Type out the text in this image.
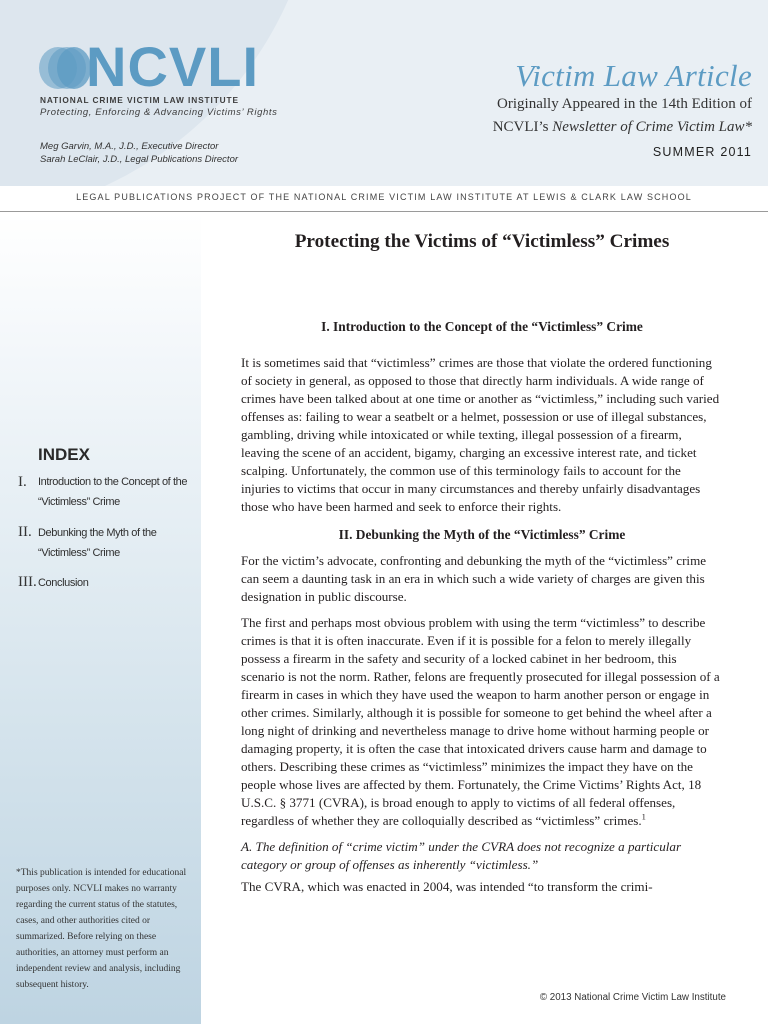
NCVLI
NATIONAL CRIME VICTIM LAW INSTITUTE
Protecting, Enforcing & Advancing Victims’ Rights
Meg Garvin, M.A., J.D., Executive Director
Sarah LeClair, J.D., Legal Publications Director
Victim Law Article
Originally Appeared in the 14th Edition of
NCVLI’s Newsletter of Crime Victim Law*
SUMMER 2011
LEGAL PUBLICATIONS PROJECT OF THE NATIONAL CRIME VICTIM LAW INSTITUTE AT LEWIS & CLARK LAW SCHOOL
INDEX
I. Introduction to the Concept of the “Victimless” Crime
II. Debunking the Myth of the “Victimless” Crime
III. Conclusion
*This publication is intended for educational purposes only. NCVLI makes no warranty regarding the current status of the statutes, cases, and other authorities cited or summarized. Before relying on these authorities, an attorney must perform an independent review and analysis, including subsequent history.
Protecting the Victims of “Victimless” Crimes
I. Introduction to the Concept of the “Victimless” Crime

It is sometimes said that “victimless” crimes are those that violate the ordered functioning of society in general, as opposed to those that directly harm individuals. A wide range of crimes have been talked about at one time or another as “victimless,” including such varied offenses as: failing to wear a seatbelt or a helmet, possession or use of illegal substances, gambling, driving while intoxicated or while texting, illegal possession of a firearm, leaving the scene of an accident, bigamy, charging an excessive interest rate, and ticket scalping. Unfortunately, the common use of this terminology fails to account for the injuries to victims that occur in many circumstances and thereby unfairly disadvantages those who have been harmed and seek to enforce their rights.

II. Debunking the Myth of the “Victimless” Crime

For the victim’s advocate, confronting and debunking the myth of the “victimless” crime can seem a daunting task in an era in which such a wide variety of charges are given this designation in public discourse.

The first and perhaps most obvious problem with using the term “victimless” to describe crimes is that it is often inaccurate. Even if it is possible for a felon to merely illegally possess a firearm in the safety and security of a locked cabinet in her bedroom, this scenario is not the norm. Rather, felons are frequently prosecuted for illegal possession of a firearm in cases in which they have used the weapon to harm another person or engage in other crimes. Similarly, although it is possible for someone to get behind the wheel after a long night of drinking and nevertheless manage to drive home without harming people or damaging property, it is often the case that intoxicated drivers cause harm and damage to others. Describing these crimes as “victimless” minimizes the impact they have on the people whose lives are affected by them. Fortunately, the Crime Victims’ Rights Act, 18 U.S.C. § 3771 (CVRA), is broad enough to apply to victims of all federal offenses, regardless of whether they are colloquially described as “victimless” crimes.$^1$

A. The definition of “crime victim” under the CVRA does not recognize a particular category or group of offenses as inherently “victimless.”

The CVRA, which was enacted in 2004, was intended “to transform the crimi-

© 2013 National Crime Victim Law Institute
